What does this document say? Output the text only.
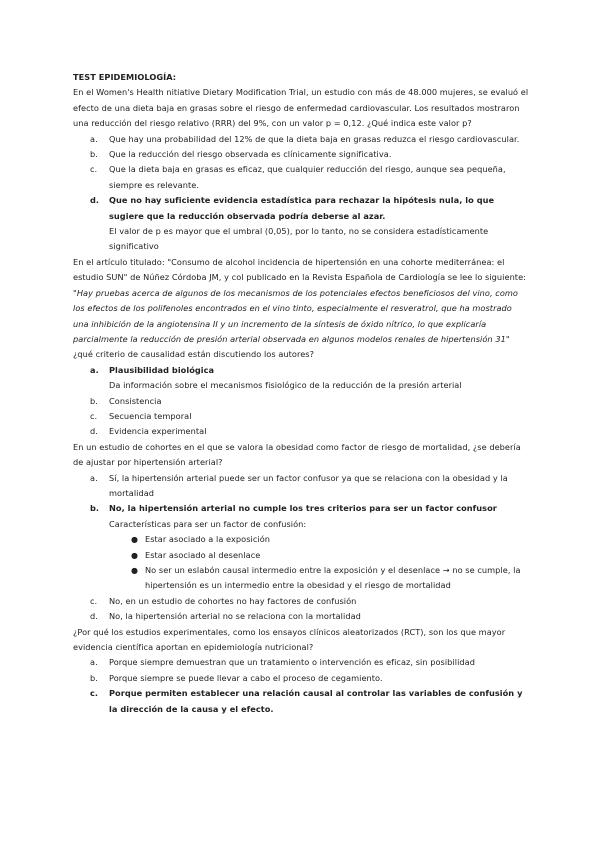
TEST EPIDEMIOLOGÍA:

En el Women's Health nitiative Dietary Modification Trial, un estudio con más de 48.000 mujeres, se evaluó el efecto de una dieta baja en grasas sobre el riesgo de enfermedad cardiovascular. Los resultados mostraron una reducción del riesgo relativo (RRR) del 9%, con un valor p = 0,12. ¿Qué indica este valor p?

a. Que hay una probabilidad del 12% de que la dieta baja en grasas reduzca el riesgo cardiovascular.
b. Que la reducción del riesgo observada es clínicamente significativa.
c. Que la dieta baja en grasas es eficaz, que cualquier reducción del riesgo, aunque sea pequeña, siempre es relevante.
d. Que no hay suficiente evidencia estadística para rechazar la hipótesis nula, lo que sugiere que la reducción observada podría deberse al azar.

El valor de p es mayor que el umbral (0,05), por lo tanto, no se considera estadísticamente significativo

En el artículo titulado: "Consumo de alcohol incidencia de hipertensión en una cohorte mediterránea: el estudio SUN" de Núñez Córdoba JM, y col publicado en la Revista Española de Cardiología se lee lo siguiente: "Hay pruebas acerca de algunos de los mecanismos de los potenciales efectos beneficiosos del vino, como los efectos de los polifenoles encontrados en el vino tinto, especialmente el resveratrol, que ha mostrado una inhibición de la angiotensina II y un incremento de la síntesis de óxido nítrico, lo que explicaría parcialmente la reducción de presión arterial observada en algunos modelos renales de hipertensión 31" ¿qué criterio de causalidad están discutiendo los autores?

a. Plausibilidad biológica

Da información sobre el mecanismos fisiológico de la reducción de la presión arterial

b. Consistencia
c. Secuencia temporal
d. Evidencia experimental

En un estudio de cohortes en el que se valora la obesidad como factor de riesgo de mortalidad, ¿se debería de ajustar por hipertensión arterial?

a. Sí, la hipertensión arterial puede ser un factor confusor ya que se relaciona con la obesidad y la mortalidad
b. No, la hipertensión arterial no cumple los tres criterios para ser un factor confusor

Características para ser un factor de confusión:

● Estar asociado a la exposición
● Estar asociado al desenlace
● No ser un eslabón causal intermedio entre la exposición y el desenlace → no se cumple, la hipertensión es un intermedio entre la obesidad y el riesgo de mortalidad
c. No, en un estudio de cohortes no hay factores de confusión
d. No, la hipertensión arterial no se relaciona con la mortalidad

¿Por qué los estudios experimentales, como los ensayos clínicos aleatorizados (RCT), son los que mayor evidencia científica aportan en epidemiología nutricional?

a. Porque siempre demuestran que un tratamiento o intervención es eficaz, sin posibilidad
b. Porque siempre se puede llevar a cabo el proceso de cegamiento.
c. Porque permiten establecer una relación causal al controlar las variables de confusión y la dirección de la causa y el efecto.
